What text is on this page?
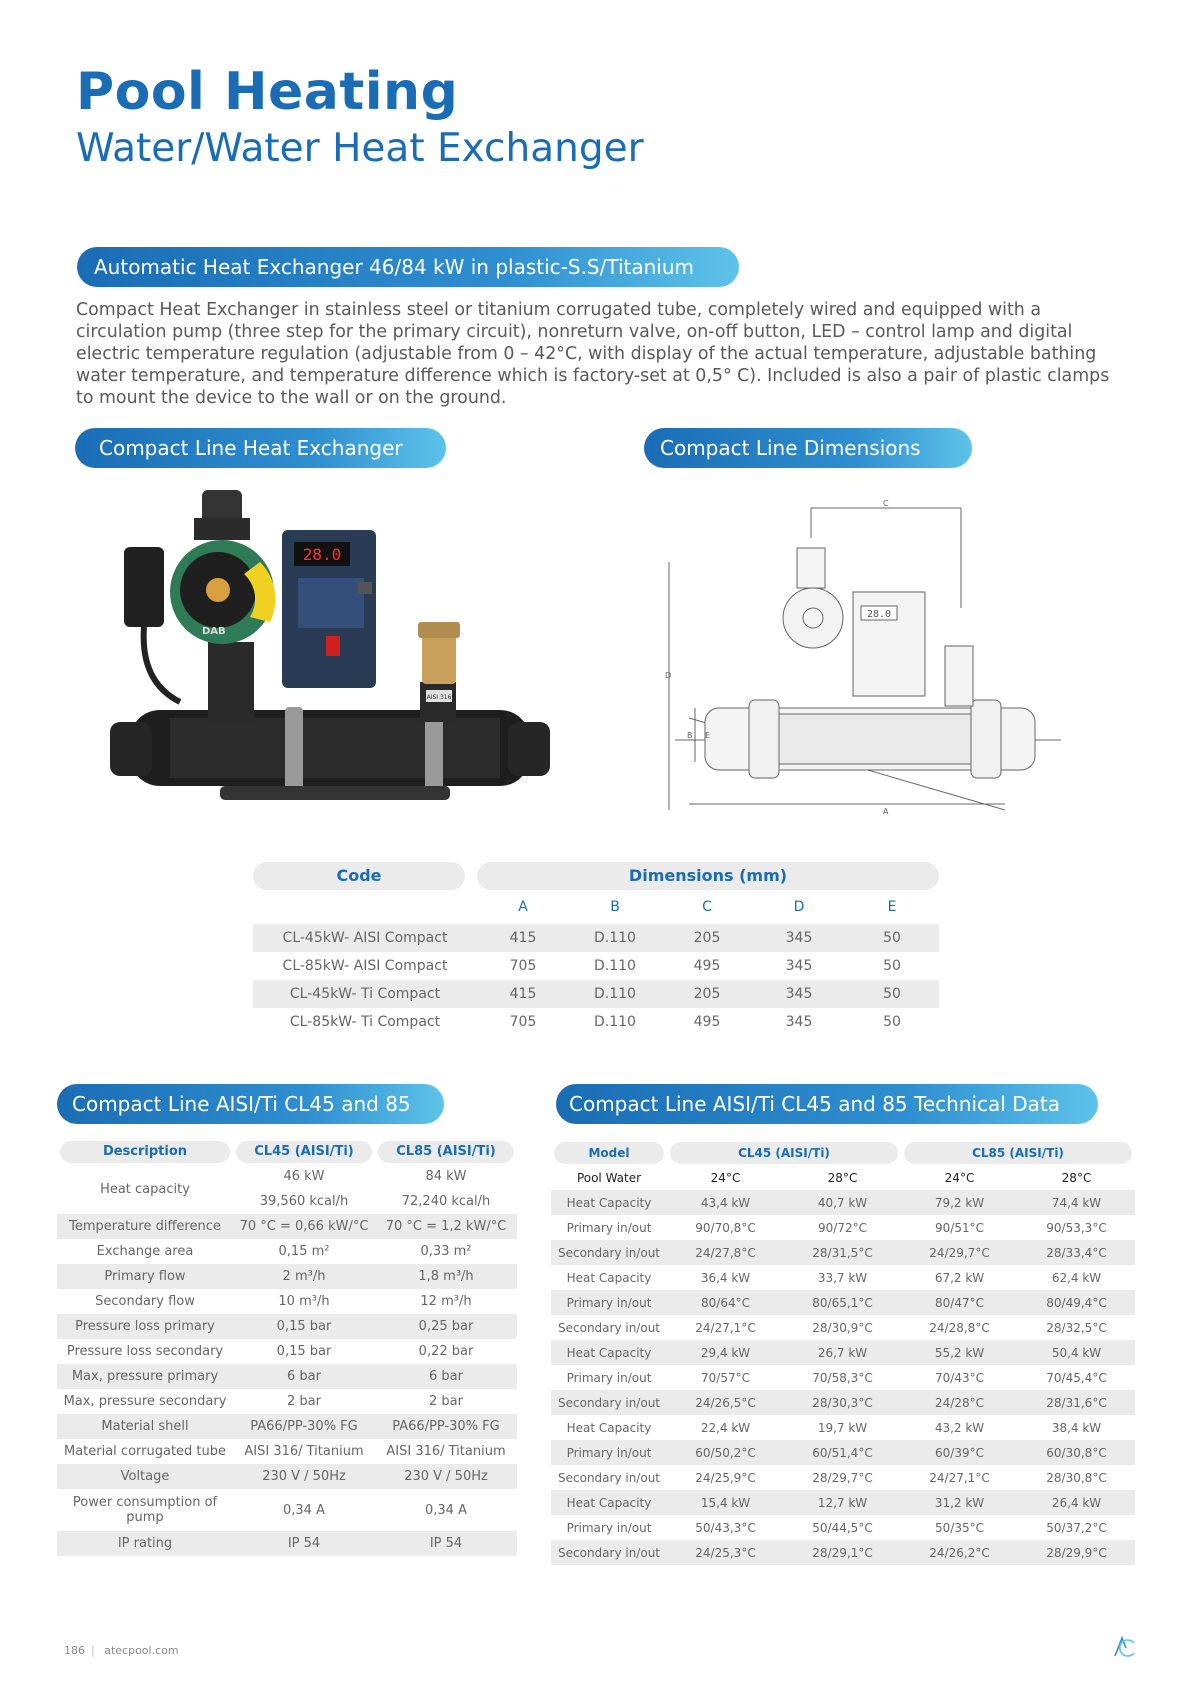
Pool Heating
Water/Water Heat Exchanger
Automatic Heat Exchanger 46/84 kW in plastic-S.S/Titanium
Compact Heat Exchanger in stainless steel or titanium corrugated tube, completely wired and equipped with a circulation pump (three step for the primary circuit), nonreturn valve, on-off button, LED – control lamp and digital electric temperature regulation (adjustable from 0 – 42°C, with display of the actual temperature, adjustable bathing water temperature, and temperature difference which is factory-set at 0,5° C). Included is also a pair of plastic clamps to mount the device to the wall or on the ground.
Compact Line Heat Exchanger	Compact Line Dimensions
AISI 316
DAB
28.0
28.0
A
B
C
D
E
Code	Dimensions (mm)				

	A	B	C	D	E
CL-45kW- AISI Compact	415	D.110	205	345	50
CL-85kW- AISI Compact	705	D.110	495	345	50
CL-45kW- Ti Compact	415	D.110	205	345	50
CL-85kW- Ti Compact	705	D.110	495	345	50
Compact Line AISI/Ti CL45 and 85	Compact Line AISI/Ti CL45 and 85 Technical Data
Description	CL45 (AISI/Ti)	CL85 (AISI/Ti)

Heat capacity	46 kW	84 kW
	39,560 kcal/h	72,240 kcal/h
Temperature difference	70 °C = 0,66 kW/°C	70 °C = 1,2 kW/°C
Exchange area	0,15 m²	0,33 m²
Primary flow	2 m³/h	1,8 m³/h
Secondary flow	10 m³/h	12 m³/h
Pressure loss primary	0,15 bar	0,25 bar
Pressure loss secondary	0,15 bar	0,22 bar
Max, pressure primary	6 bar	6 bar
Max, pressure secondary	2 bar	2 bar
Material shell	PA66/PP-30% FG	PA66/PP-30% FG
Material corrugated tube	AISI 316/ Titanium	AISI 316/ Titanium
Voltage	230 V / 50Hz	230 V / 50Hz
Power consumption of pump	0,34 A	0,34 A
IP rating	IP 54	IP 54
Model	CL45 (AISI/Ti)		CL85 (AISI/Ti)	

Pool Water	24°C	28°C	24°C	28°C
Heat Capacity	43,4 kW	40,7 kW	79,2 kW	74,4 kW
Primary in/out	90/70,8°C	90/72°C	90/51°C	90/53,3°C
Secondary in/out	24/27,8°C	28/31,5°C	24/29,7°C	28/33,4°C
Heat Capacity	36,4 kW	33,7 kW	67,2 kW	62,4 kW
Primary in/out	80/64°C	80/65,1°C	80/47°C	80/49,4°C
Secondary in/out	24/27,1°C	28/30,9°C	24/28,8°C	28/32,5°C
Heat Capacity	29,4 kW	26,7 kW	55,2 kW	50,4 kW
Primary in/out	70/57°C	70/58,3°C	70/43°C	70/45,4°C
Secondary in/out	24/26,5°C	28/30,3°C	24/28°C	28/31,6°C
Heat Capacity	22,4 kW	19,7 kW	43,2 kW	38,4 kW
Primary in/out	60/50,2°C	60/51,4°C	60/39°C	60/30,8°C
Secondary in/out	24/25,9°C	28/29,7°C	24/27,1°C	28/30,8°C
Heat Capacity	15,4 kW	12,7 kW	31,2 kW	26,4 kW
Primary in/out	50/43,3°C	50/44,5°C	50/35°C	50/37,2°C
Secondary in/out	24/25,3°C	28/29,1°C	24/26,2°C	28/29,9°C
186 | atecpool.com
